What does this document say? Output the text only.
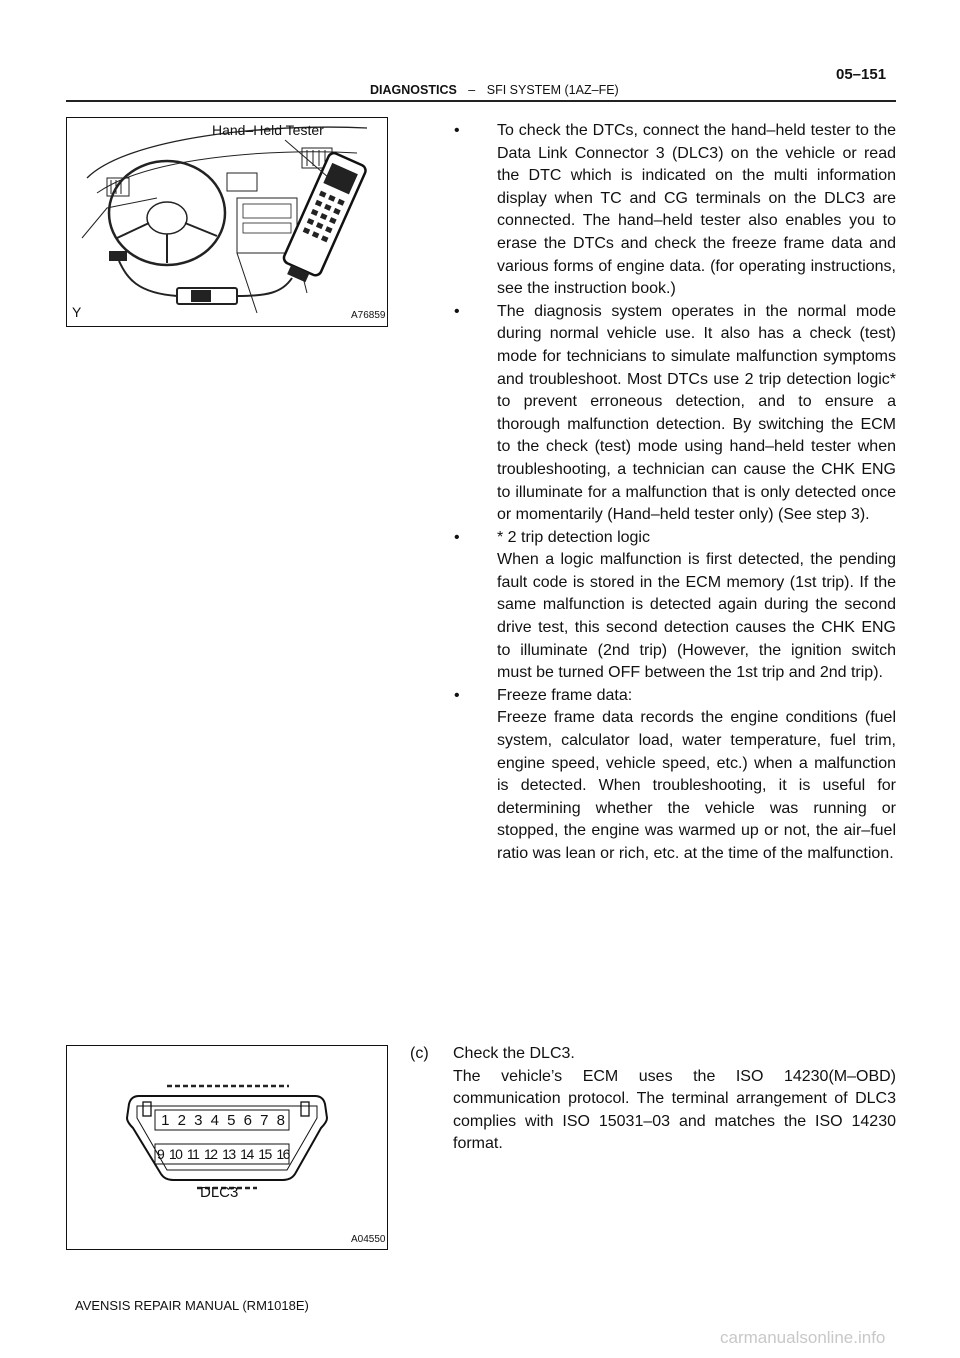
05–151
DIAGNOSTICS – SFI SYSTEM (1AZ–FE)
Hand–Held Tester
Y	A76859
• To check the DTCs, connect the hand–held tester to the Data Link Connector 3 (DLC3) on the vehicle or read the DTC which is indicated on the multi information display when TC and CG terminals on the DLC3 are connected. The hand–held tester also enables you to erase the DTCs and check the freeze frame data and various forms of engine data. (for operating instructions, see the instruction book.)
• The diagnosis system operates in the normal mode during normal vehicle use. It also has a check (test) mode for technicians to simulate malfunction symptoms and troubleshoot. Most DTCs use 2 trip detection logic* to prevent erroneous detection, and to ensure a thorough malfunction detection. By switching the ECM to the check (test) mode using hand–held tester when troubleshooting, a technician can cause the CHK ENG to illuminate for a malfunction that is only detected once or momentarily (Hand–held tester only) (See step 3).
• * 2 trip detection logic
When a logic malfunction is first detected, the pending fault code is stored in the ECM memory (1st trip). If the same malfunction is detected again during the second drive test, this second detection causes the CHK ENG to illuminate (2nd trip) (However, the ignition switch must be turned OFF between the 1st trip and 2nd trip).
• Freeze frame data:
Freeze frame data records the engine conditions (fuel system, calculator load, water temperature, fuel trim, engine speed, vehicle speed, etc.) when a malfunction is detected. When troubleshooting, it is useful for determining whether the vehicle was running or stopped, the engine was warmed up or not, the air–fuel ratio was lean or rich, etc. at the time of the malfunction.
1 2 3 4 5 6 7 8
9 10 11 12 13 14 15 16
DLC3
A04550
(c) Check the DLC3.
The vehicle’s ECM uses the ISO 14230(M–OBD) communication protocol. The terminal arrangement of DLC3 complies with ISO 15031–03 and matches the ISO 14230 format.
AVENSIS REPAIR MANUAL (RM1018E)
carmanualsonline.info
